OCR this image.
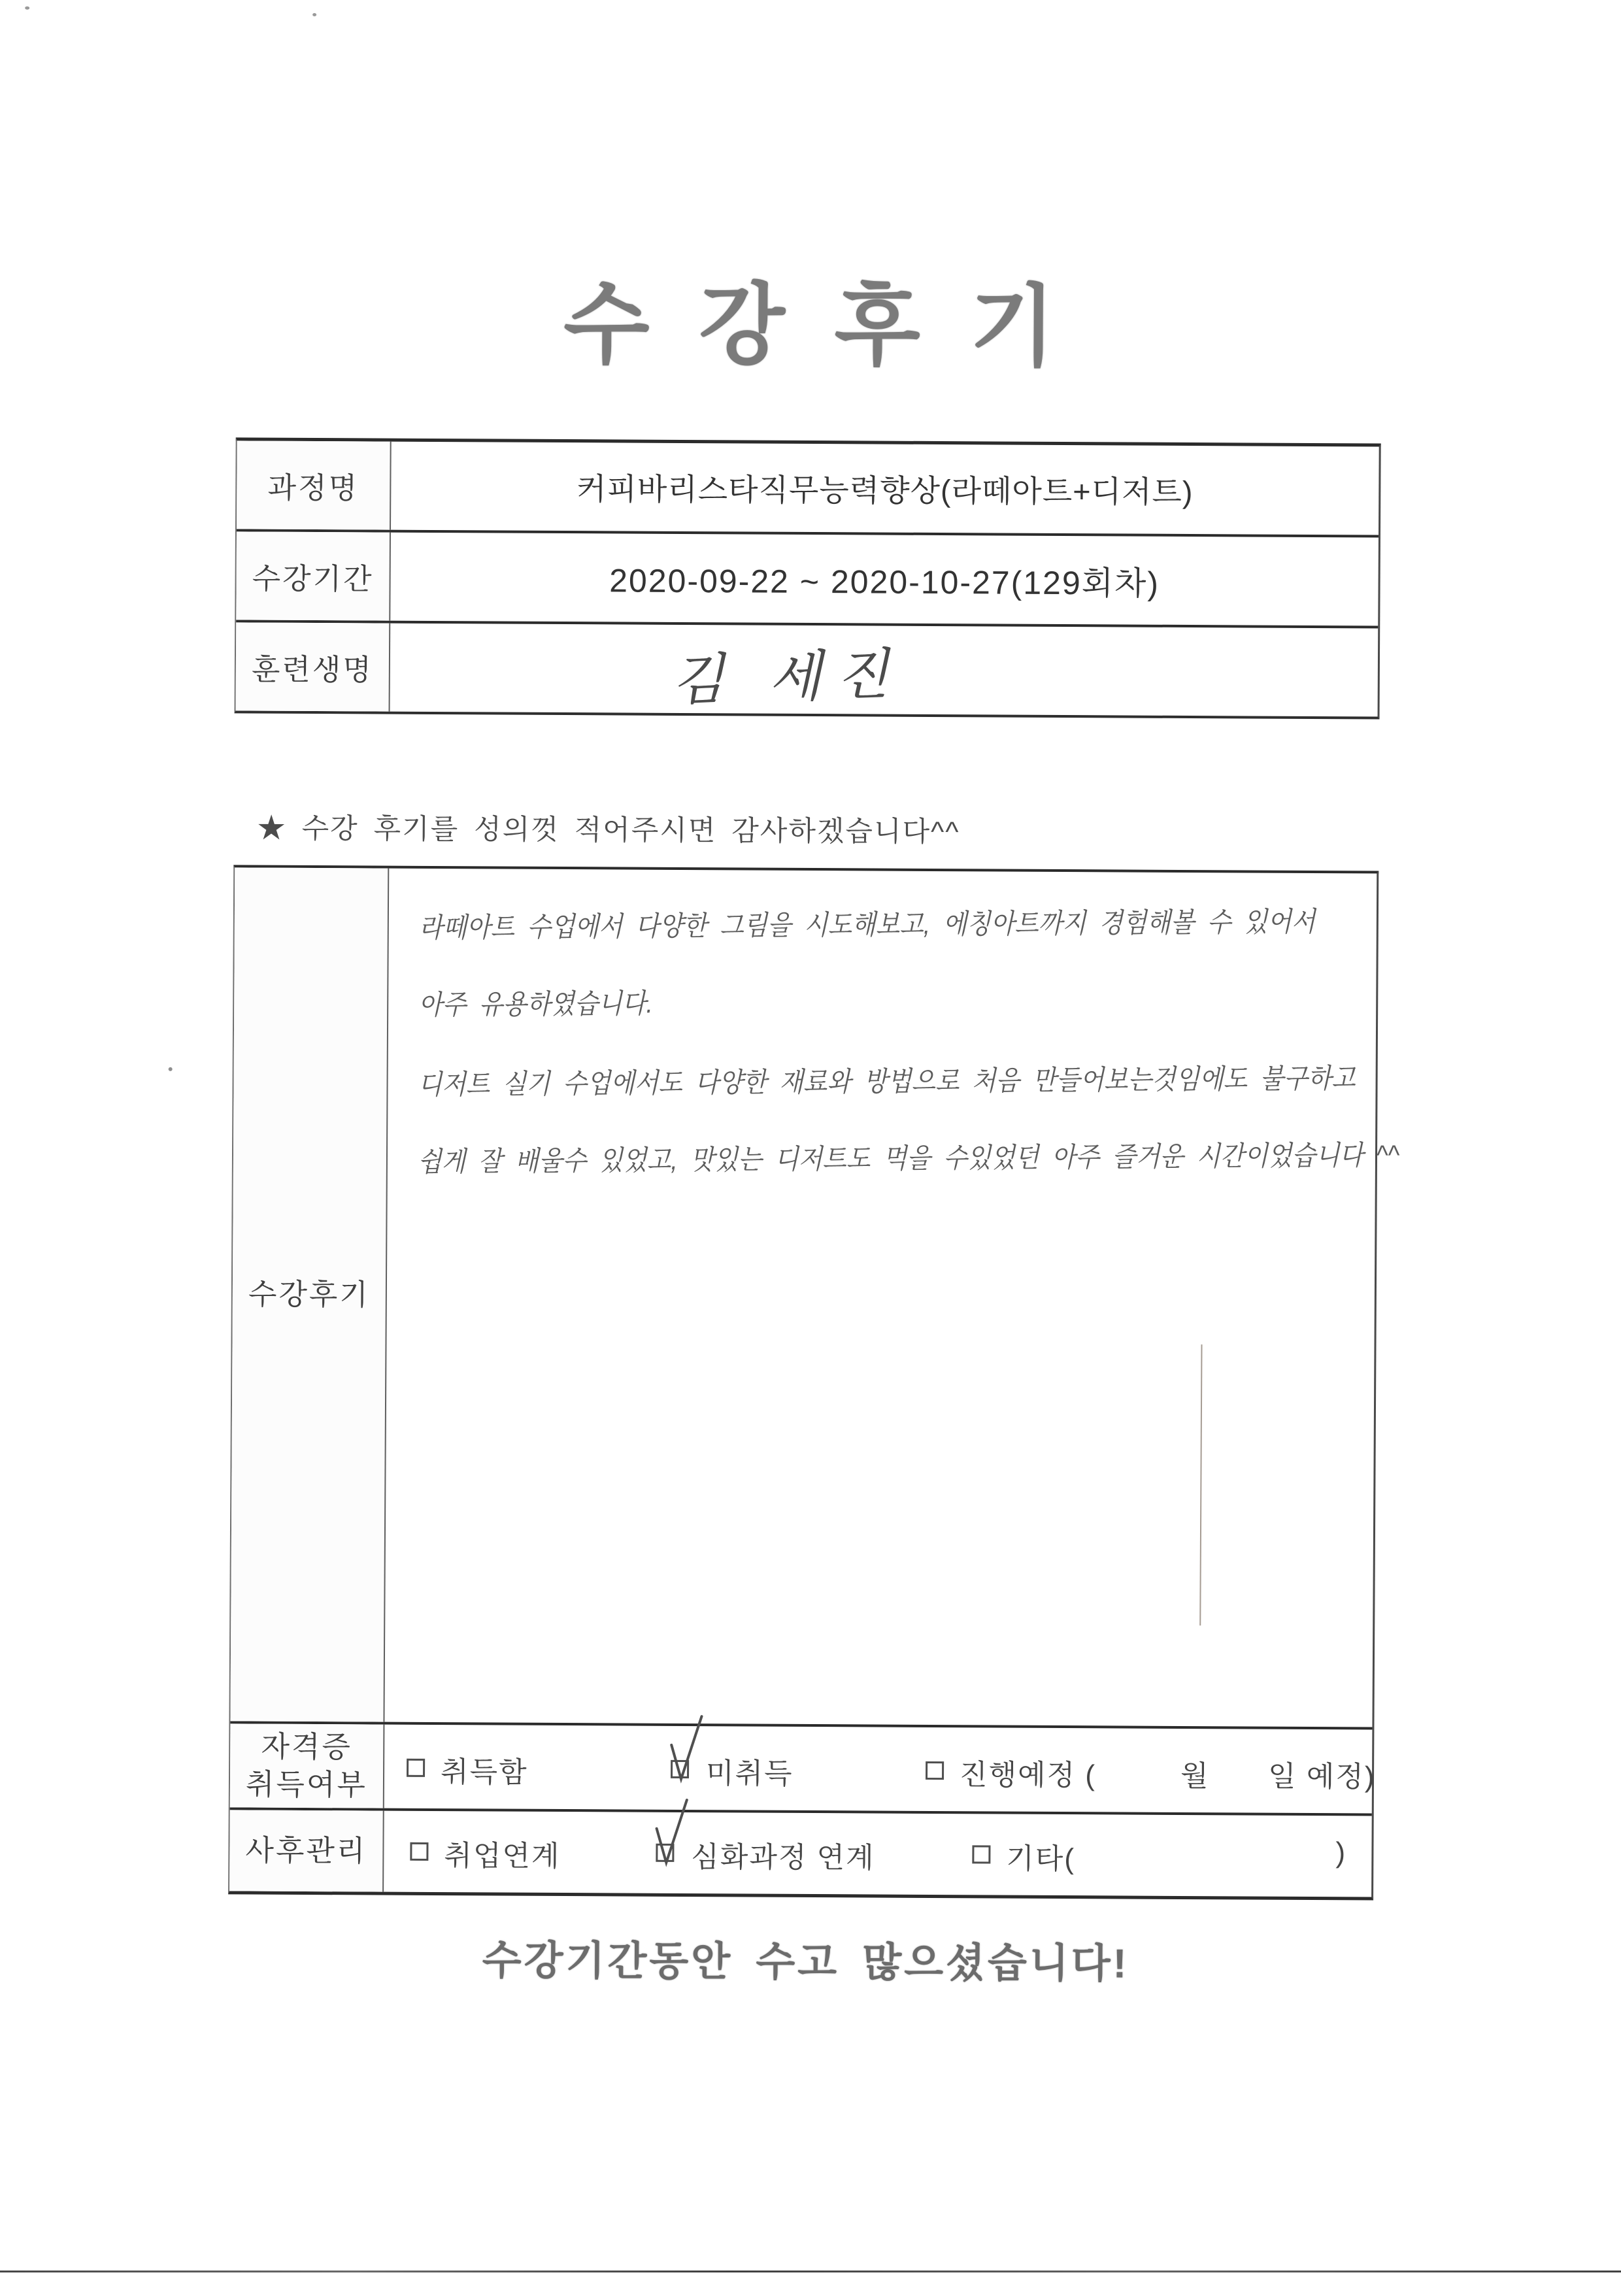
수 강 후 기
과정명	커피바리스타직무능력향상(라떼아트+디저트)
수강기간	2020-09-22 ~ 2020-10-27(129회차)
훈련생명	김 세진
★ 수강 후기를 성의껏 적어주시면 감사하겠습니다^^
수강후기
라떼아트 수업에서 다양한 그림을 시도해보고, 에칭아트까지 경험해볼 수 있어서
아주 유용하였습니다.
디저트 실기 수업에서도 다양한 재료와 방법으로 처음 만들어보는것임에도 불구하고
쉽게 잘 배울수 있었고, 맛있는 디저트도 먹을 수있었던 아주 즐거운 시간이었습니다 ^^
자격증
취득여부	취득함	미취득	진행예정 (	월 일 예정)
사후관리	취업연계	심화과정 연계	기타(	)
수강기간동안 수고 많으셨습니다!
